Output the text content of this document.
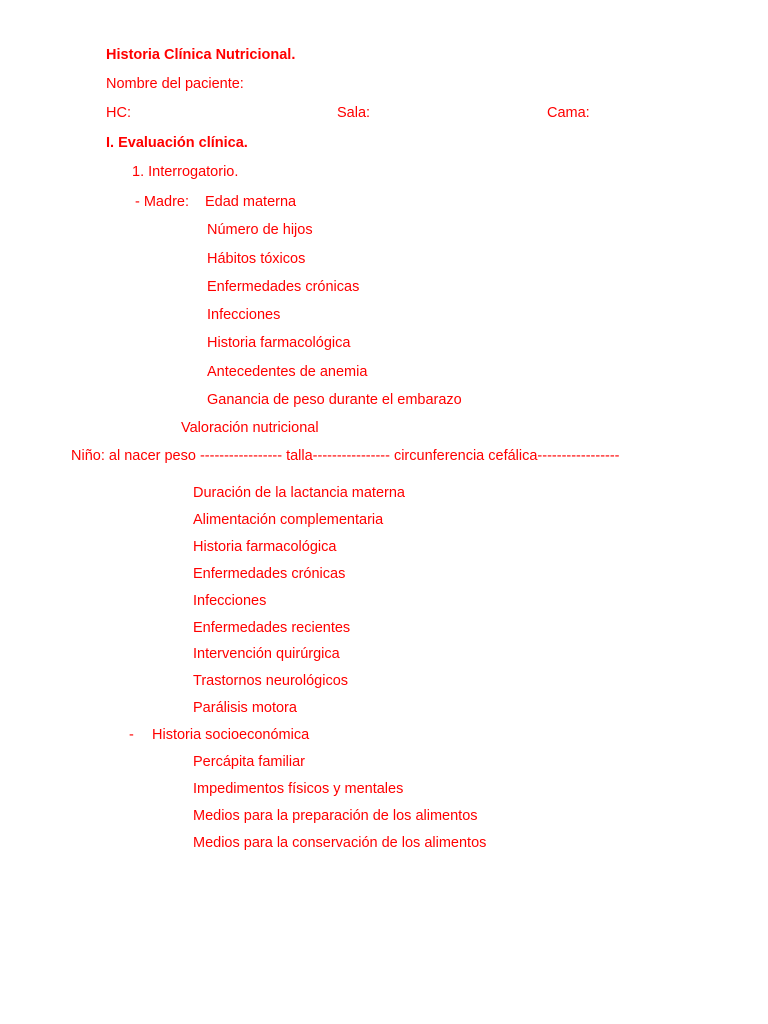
Historia Clínica Nutricional.
Nombre del paciente:
HC:	Sala:	Cama:
I. Evaluación clínica.
1. Interrogatorio.
- Madre: Edad materna
Número de hijos
Hábitos tóxicos
Enfermedades crónicas
Infecciones
Historia farmacológica
Antecedentes de anemia
Ganancia de peso durante el embarazo
Valoración nutricional
Niño: al nacer peso ----------------- talla---------------- circunferencia cefálica-----------------
Duración de la lactancia materna
Alimentación complementaria
Historia farmacológica
Enfermedades crónicas
Infecciones
Enfermedades recientes
Intervención quirúrgica
Trastornos neurológicos
Parálisis motora
- Historia socioeconómica
Percápita familiar
Impedimentos físicos y mentales
Medios para la preparación de los alimentos
Medios para la conservación de los alimentos
